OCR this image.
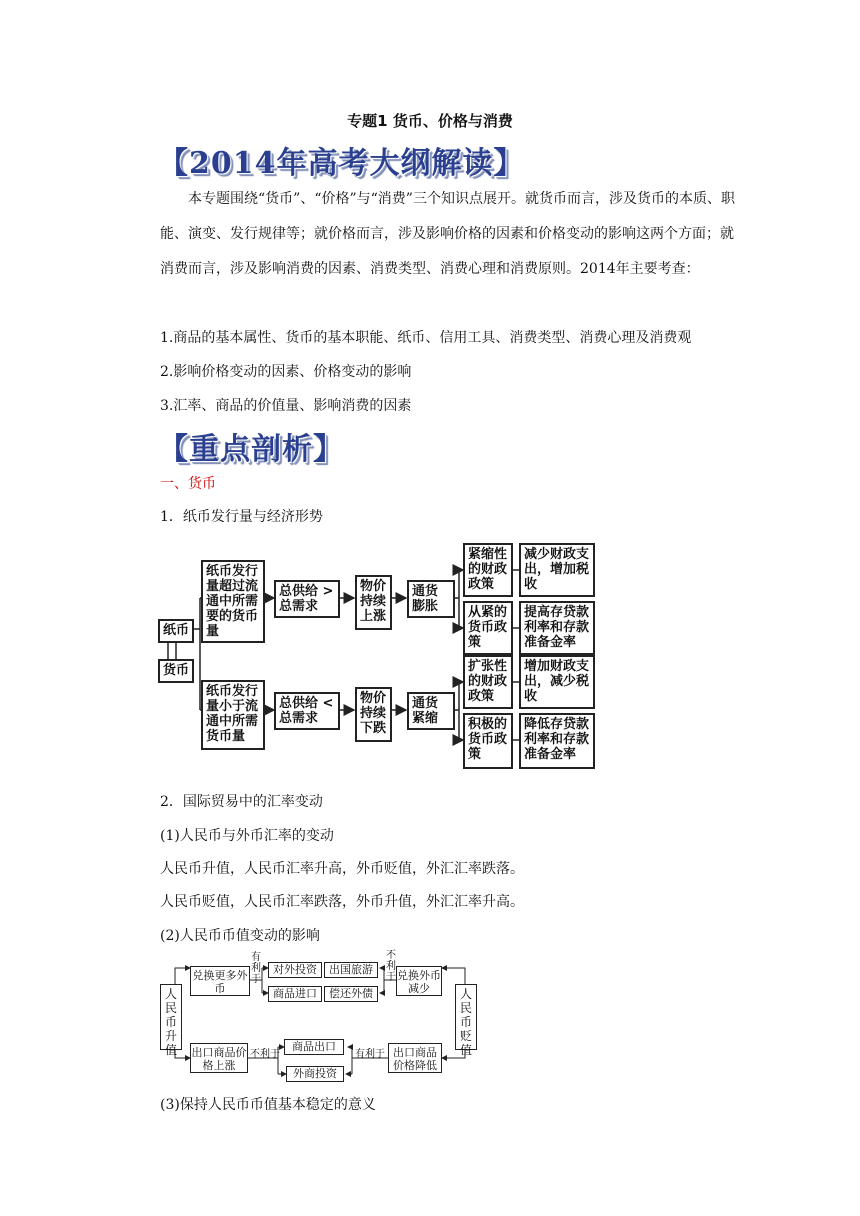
专题1 货币、价格与消费
【2014年高考大纲解读】
本专题围绕“货币”、“价格”与“消费”三个知识点展开。就货币而言，涉及货币的本质、职能、演变、发行规律等；就价格而言，涉及影响价格的因素和价格变动的影响这两个方面；就消费而言，涉及影响消费的因素、消费类型、消费心理和消费原则。2014年主要考查：
1.商品的基本属性、货币的基本职能、纸币、信用工具、消费类型、消费心理及消费观
2.影响价格变动的因素、价格变动的影响
3.汇率、商品的价值量、影响消费的因素
【重点剖析】
一、货币
1．纸币发行量与经济形势
纸币
货币
纸币发行量超过流通中所需要的货币量
总供给 > 总需求
物价持续上涨
通货膨胀
紧缩性的财政政策
减少财政支出，增加税收
从紧的货币政策
提高存贷款利率和存款准备金率
纸币发行量小于流通中所需货币量
总供给 < 总需求
物价持续下跌
通货紧缩
扩张性的财政政策
增加财政支出，减少税收
积极的货币政策
降低存贷款利率和存款准备金率
2．国际贸易中的汇率变动
(1)人民币与外币汇率的变动
人民币升值，人民币汇率升高，外币贬值，外汇汇率跌落。
人民币贬值，人民币汇率跌落，外币升值，外汇汇率升高。
(2)人民币币值变动的影响
人民币升值
人民币贬值
兑换更多外币
有利于
对外投资	出国旅游
商品进口	偿还外债
不利于 兑换外币减少
出口商品价格上涨
不利于
商品出口
外商投资
有利于 出口商品价格降低
(3)保持人民币币值基本稳定的意义
